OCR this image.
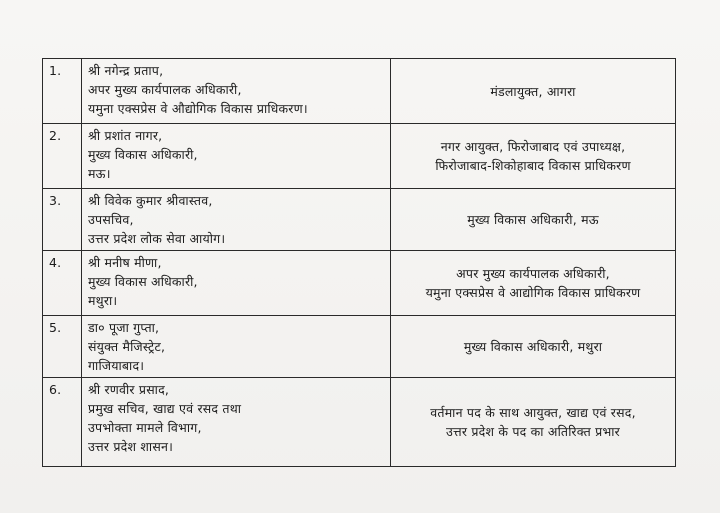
1.	श्री नगेन्द्र प्रताप,
अपर मुख्य कार्यपालक अधिकारी,
यमुना एक्सप्रेस वे औद्योगिक विकास प्राधिकरण।	मंडलायुक्त, आगरा

2.	श्री प्रशांत नागर,
मुख्य विकास अधिकारी,
मऊ।	नगर आयुक्त, फिरोजाबाद एवं उपाध्यक्ष,
फिरोजाबाद-शिकोहाबाद विकास प्राधिकरण

3.	श्री विवेक कुमार श्रीवास्तव,
उपसचिव,
उत्तर प्रदेश लोक सेवा आयोग।	मुख्य विकास अधिकारी, मऊ

4.	श्री मनीष मीणा,
मुख्य विकास अधिकारी,
मथुरा।	अपर मुख्य कार्यपालक अधिकारी,
यमुना एक्सप्रेस वे आद्योगिक विकास प्राधिकरण

5.	डा० पूजा गुप्ता,
संयुक्त मैजिस्ट्रेट,
गाजियाबाद।	मुख्य विकास अधिकारी, मथुरा

6.	श्री रणवीर प्रसाद,
प्रमुख सचिव, खाद्य एवं रसद तथा
उपभोक्ता मामले विभाग,
उत्तर प्रदेश शासन।	वर्तमान पद के साथ आयुक्त, खाद्य एवं रसद,
उत्तर प्रदेश के पद का अतिरिक्त प्रभार
